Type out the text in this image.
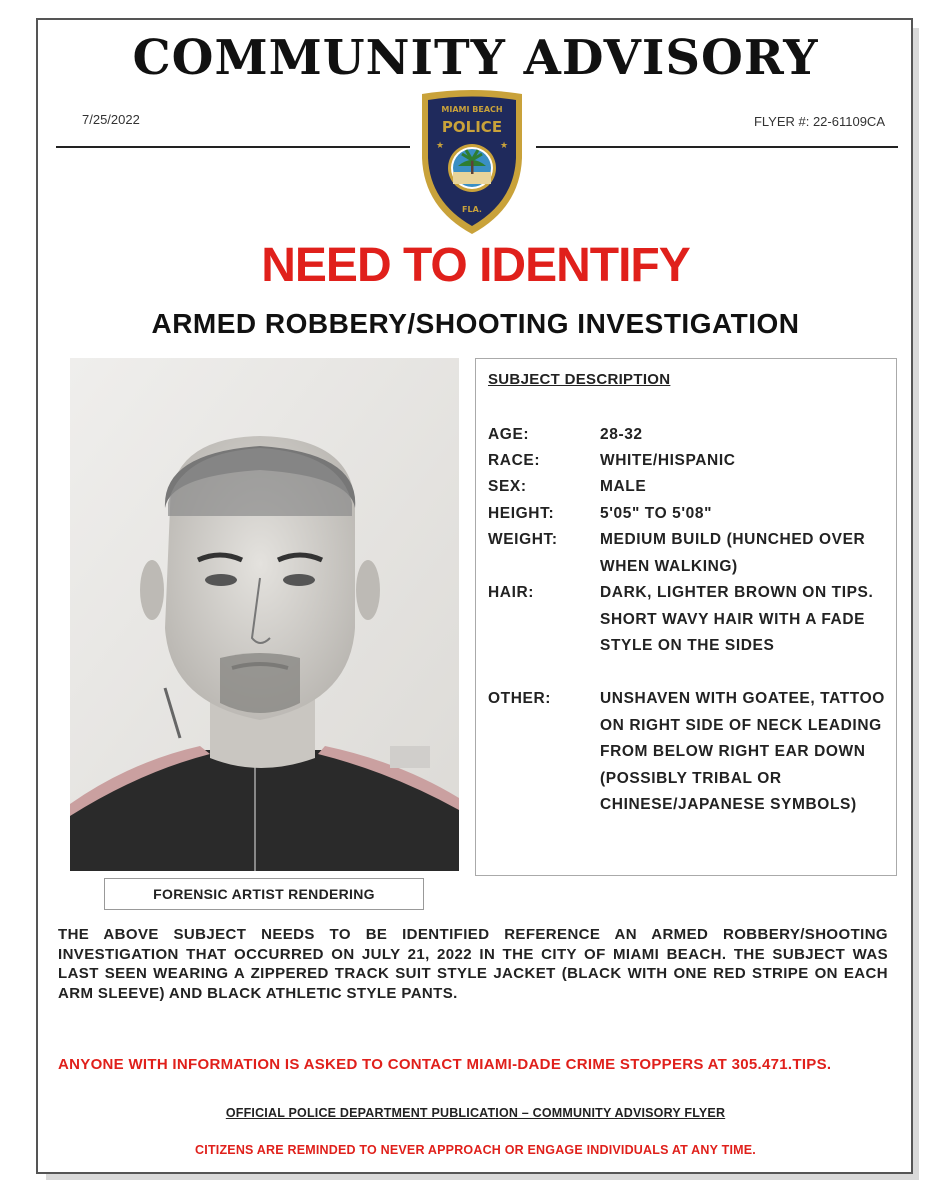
COMMUNITY ADVISORY
7/25/2022	FLYER #: 22-61109CA
MIAMI BEACH
POLICE
★	★
FLA.
NEED TO IDENTIFY
ARMED ROBBERY/SHOOTING INVESTIGATION
FORENSIC ARTIST RENDERING
SUBJECT DESCRIPTION
AGE:	28-32
RACE:	WHITE/HISPANIC
SEX:	MALE
HEIGHT:	5'05" TO 5'08"
WEIGHT:	MEDIUM BUILD (HUNCHED OVER WHEN WALKING)
HAIR:	DARK, LIGHTER BROWN ON TIPS. SHORT WAVY HAIR WITH A FADE STYLE ON THE SIDES
OTHER:	UNSHAVEN WITH GOATEE, TATTOO ON RIGHT SIDE OF NECK LEADING FROM BELOW RIGHT EAR DOWN (POSSIBLY TRIBAL OR CHINESE/JAPANESE SYMBOLS)
THE ABOVE SUBJECT NEEDS TO BE IDENTIFIED REFERENCE AN ARMED ROBBERY/SHOOTING INVESTIGATION THAT OCCURRED ON JULY 21, 2022 IN THE CITY OF MIAMI BEACH. THE SUBJECT WAS LAST SEEN WEARING A ZIPPERED TRACK SUIT STYLE JACKET (BLACK WITH ONE RED STRIPE ON EACH ARM SLEEVE) AND BLACK ATHLETIC STYLE PANTS.
ANYONE WITH INFORMATION IS ASKED TO CONTACT MIAMI-DADE CRIME STOPPERS AT 305.471.TIPS.
OFFICIAL POLICE DEPARTMENT PUBLICATION – COMMUNITY ADVISORY FLYER
CITIZENS ARE REMINDED TO NEVER APPROACH OR ENGAGE INDIVIDUALS AT ANY TIME.
